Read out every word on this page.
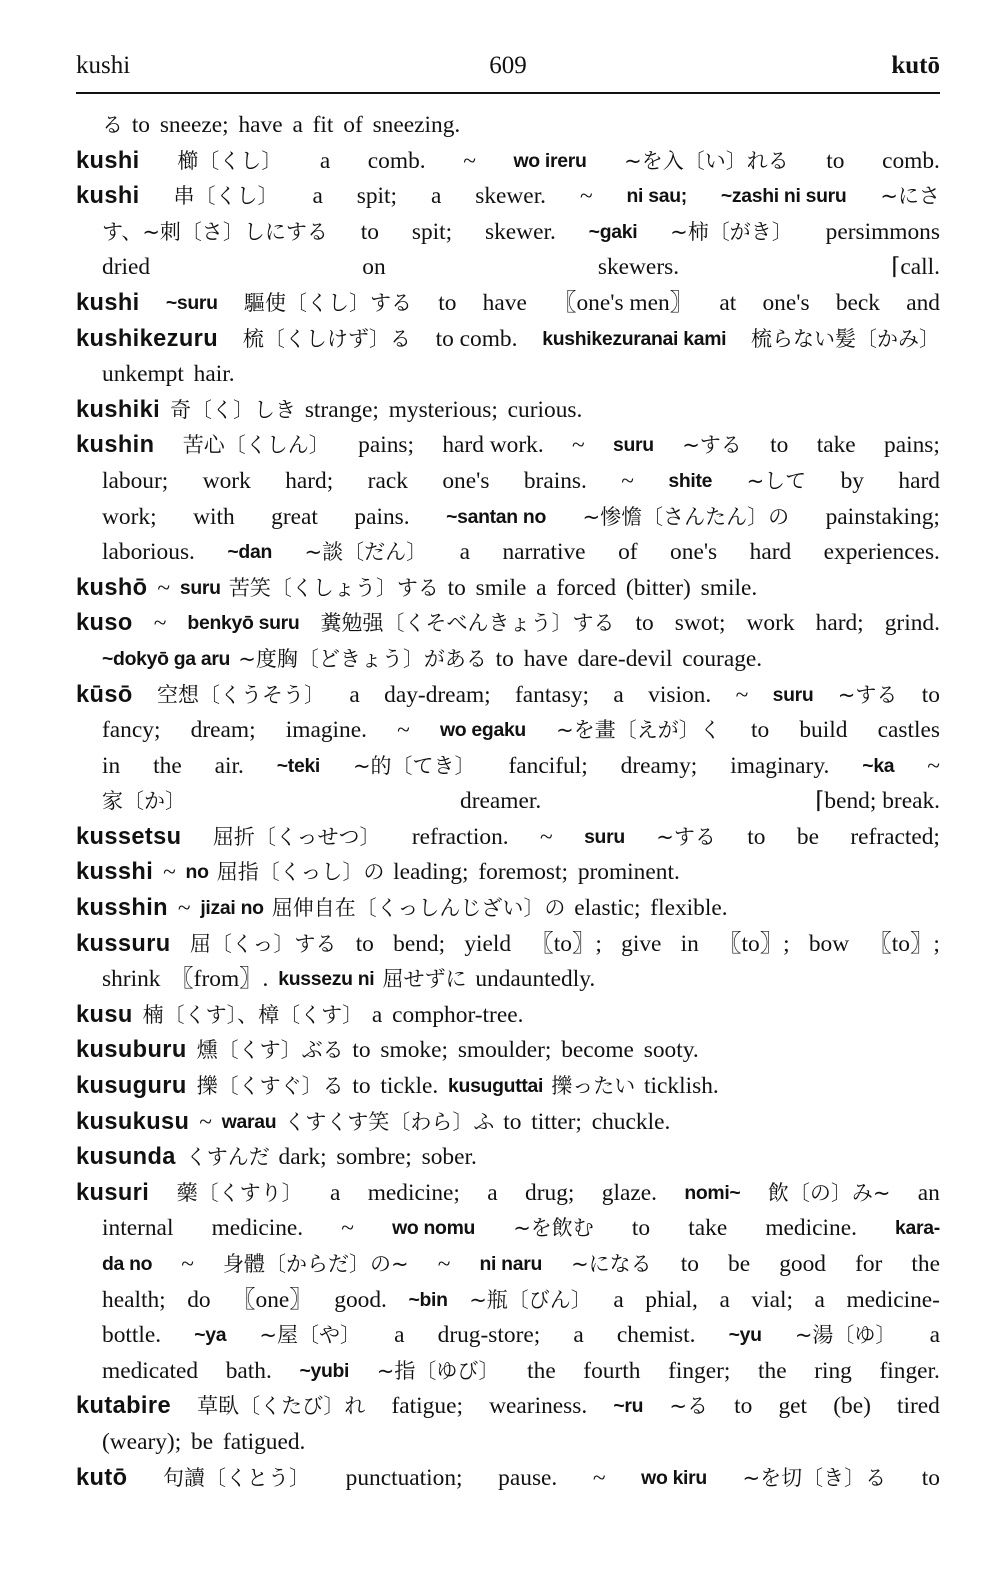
kushi	609	kutō
る to sneeze; have a fit of sneezing.
kushi 櫛〔くし〕 a comb. ~ wo ireru ~を入〔い〕れる to comb.
kushi 串〔くし〕 a spit; a skewer. ~ ni sau; ~zashi ni suru ~にさ
す、~刺〔さ〕しにする to spit; skewer. ~gaki ~柿〔がき〕 persimmons
dried	on	skewers.	⌈call.
kushi ~suru 驅使〔くし〕する to have 〖one's men〗 at one's beck and
kushikezuru 梳〔くしけず〕る to comb. kushikezuranai kami 梳らない髪〔かみ〕
unkempt hair.
kushiki 奇〔く〕しき strange; mysterious; curious.
kushin 苦心〔くしん〕 pains; hard work. ~ suru ~する to take pains;
labour; work hard; rack one's brains. ~ shite ~して by hard
work; with great pains. ~santan no ~惨憺〔さんたん〕の painstaking;
laborious. ~dan ~談〔だん〕 a narrative of one's hard experiences.
kushō ~ suru 苦笑〔くしょう〕する to smile a forced (bitter) smile.
kuso ~ benkyō suru 糞勉强〔くそべんきょう〕する to swot; work hard; grind.
~dokyō ga aru ~度胸〔どきょう〕がある to have dare-devil courage.
kūsō 空想〔くうそう〕 a day-dream; fantasy; a vision. ~ suru ~する to
fancy; dream; imagine. ~ wo egaku ~を畫〔えが〕く to build castles
in the air. ~teki ~的〔てき〕 fanciful; dreamy; imaginary. ~ka ~
家〔か〕	dreamer.	⌈bend; break.
kussetsu 屈折〔くっせつ〕 refraction. ~ suru ~する to be refracted;
kusshi ~ no 屈指〔くっし〕の leading; foremost; prominent.
kusshin ~ jizai no 屈伸自在〔くっしんじざい〕の elastic; flexible.
kussuru 屈〔くっ〕する to bend; yield 〖to〗; give in 〖to〗; bow 〖to〗;
shrink 〖from〗. kussezu ni 屈せずに undauntedly.
kusu 楠〔くす〕、樟〔くす〕 a comphor-tree.
kusuburu 燻〔くす〕ぶる to smoke; smoulder; become sooty.
kusuguru 擽〔くすぐ〕る to tickle. kusuguttai 擽ったい ticklish.
kusukusu ~ warau くすくす笑〔わら〕ふ to titter; chuckle.
kusunda くすんだ dark; sombre; sober.
kusuri 藥〔くすり〕 a medicine; a drug; glaze. nomi~ 飲〔の〕み~ an
internal medicine. ~ wo nomu ~を飲む to take medicine. kara-
da no ~ 身體〔からだ〕の~ ~ ni naru ~になる to be good for the
health; do 〖one〗 good. ~bin ~瓶〔びん〕 a phial, a vial; a medicine-
bottle. ~ya ~屋〔や〕 a drug-store; a chemist. ~yu ~湯〔ゆ〕 a
medicated bath. ~yubi ~指〔ゆび〕 the fourth finger; the ring finger.
kutabire 草臥〔くたび〕れ fatigue; weariness. ~ru ~る to get (be) tired
(weary); be fatigued.
kutō 句讀〔くとう〕 punctuation; pause. ~ wo kiru ~を切〔き〕る to
